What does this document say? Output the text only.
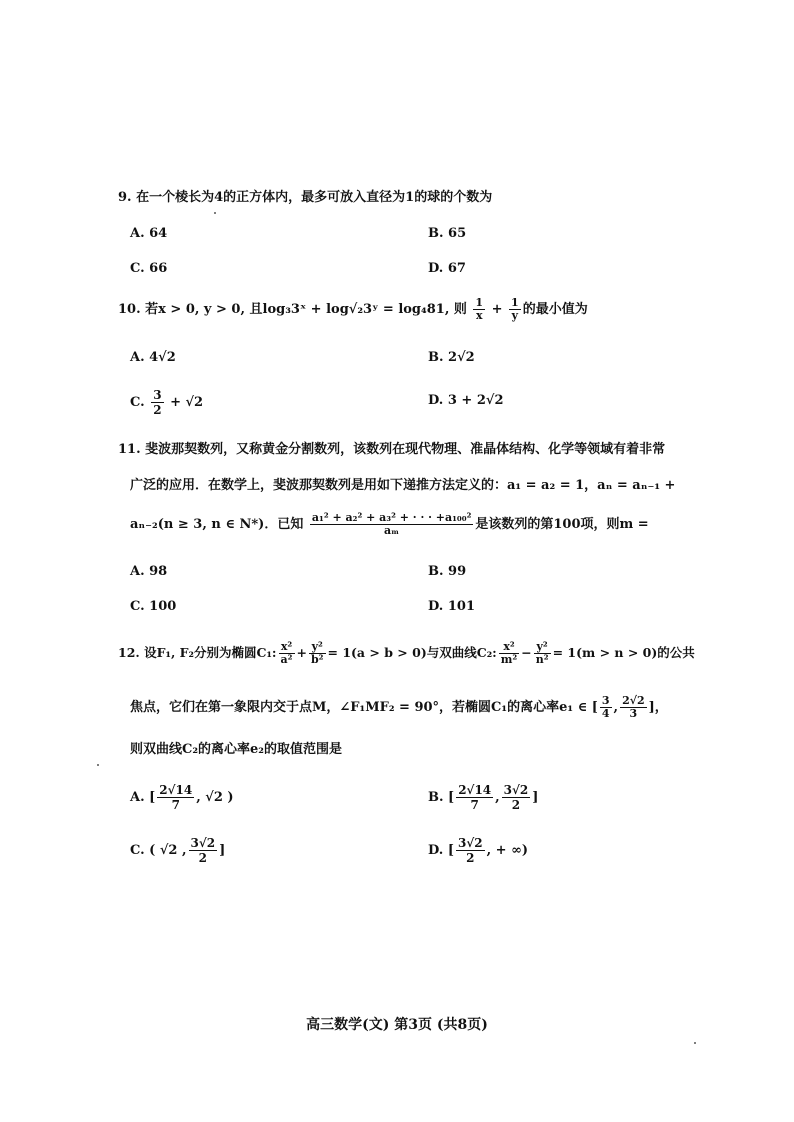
9. 在一个棱长为4的正方体内，最多可放入直径为1的球的个数为
A. 64	B. 65
C. 66	D. 67
10. 若x > 0, y > 0, 且log₃3ˣ + log√₂3ʸ = log₄81, 则 $\frac{1}{x} + \frac{1}{y}$ 的最小值为
A. 4√2	B. 2√2
C. $\frac{3}{2} + √2$	D. 3 + 2√2
11. 斐波那契数列，又称黄金分割数列，该数列在现代物理、准晶体结构、化学等领域有着非常
广泛的应用．在数学上，斐波那契数列是用如下递推方法定义的：a₁ = a₂ = 1，aₙ = aₙ₋₁ +
aₙ₋₂(n ≥ 3, n ∈ N*)．已知 $\frac{\text{a₁² + a₂² + a₃² + · · · +a₁₀₀²}}{\text{aₘ}}$ 是该数列的第100项，则m =
A. 98	B. 99
C. 100	D. 101
12. 设F₁, F₂分别为椭圆C₁: $\frac{\text{x²}}{\text{a²}} + \frac{\text{y²}}{\text{b²}} = 1(a > b > 0)$与双曲线C₂: $\frac{\text{x²}}{\text{m²}} - \frac{\text{y²}}{\text{n²}} = 1(m > n > 0)$的公共
焦点，它们在第一象限内交于点M，∠F₁MF₂ = 90°，若椭圆C₁的离心率e₁ ∈ [ $\frac{3}{4}$ , $\frac{2√2}{3}$ ]，
则双曲线C₂的离心率e₂的取值范围是
A. [ $\frac{2√14}{7}$ , √2 )	B. [ $\frac{2√14}{7}$ , $\frac{3√2}{2}$ ]
C. ( √2 , $\frac{3√2}{2}$ ]	D. [ $\frac{3√2}{2}$ , + ∞)
高三数学(文) 第3页 (共8页)
